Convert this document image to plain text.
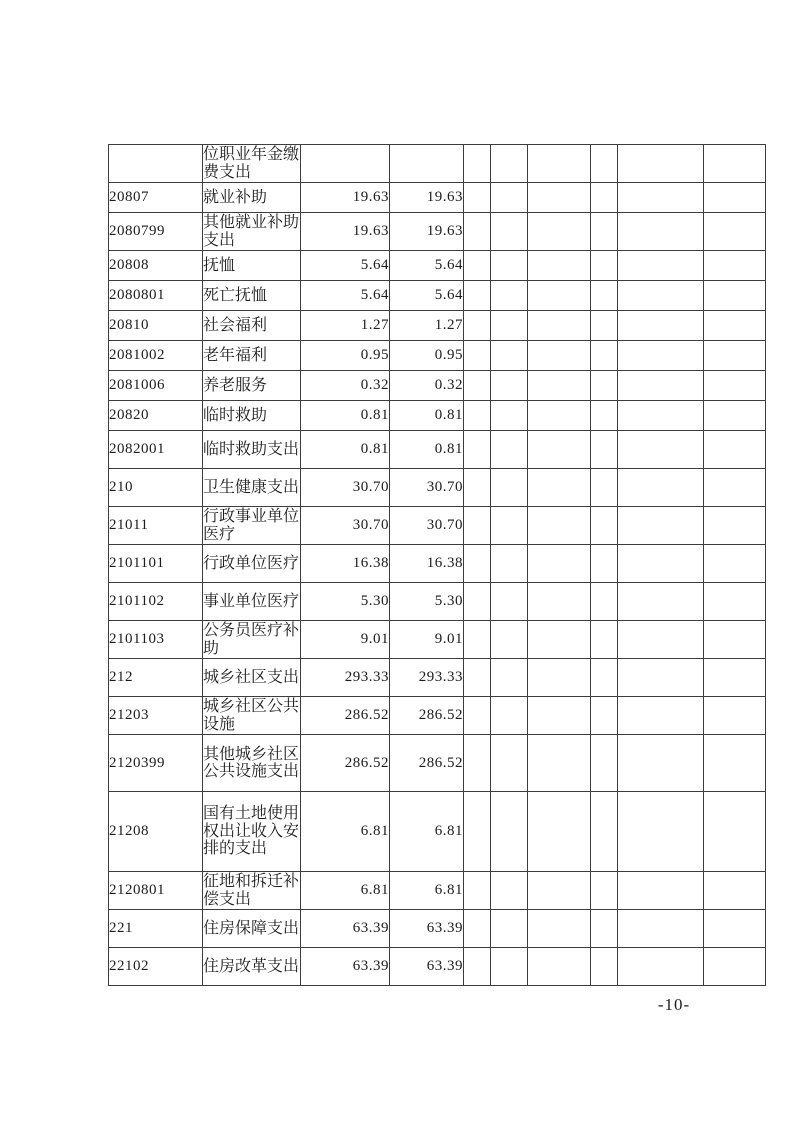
	位职业年金缴费支出								
20807	就业补助	19.63	19.63						
2080799	其他就业补助支出	19.63	19.63						
20808	抚恤	5.64	5.64						
2080801	死亡抚恤	5.64	5.64						
20810	社会福利	1.27	1.27						
2081002	老年福利	0.95	0.95						
2081006	养老服务	0.32	0.32						
20820	临时救助	0.81	0.81						
2082001	临时救助支出	0.81	0.81						
210	卫生健康支出	30.70	30.70						
21011	行政事业单位医疗	30.70	30.70						
2101101	行政单位医疗	16.38	16.38						
2101102	事业单位医疗	5.30	5.30						
2101103	公务员医疗补助	9.01	9.01						
212	城乡社区支出	293.33	293.33						
21203	城乡社区公共设施	286.52	286.52						
2120399	其他城乡社区公共设施支出	286.52	286.52						
21208	国有土地使用权出让收入安排的支出	6.81	6.81						
2120801	征地和拆迁补偿支出	6.81	6.81						
221	住房保障支出	63.39	63.39						
22102	住房改革支出	63.39	63.39						
-10-
